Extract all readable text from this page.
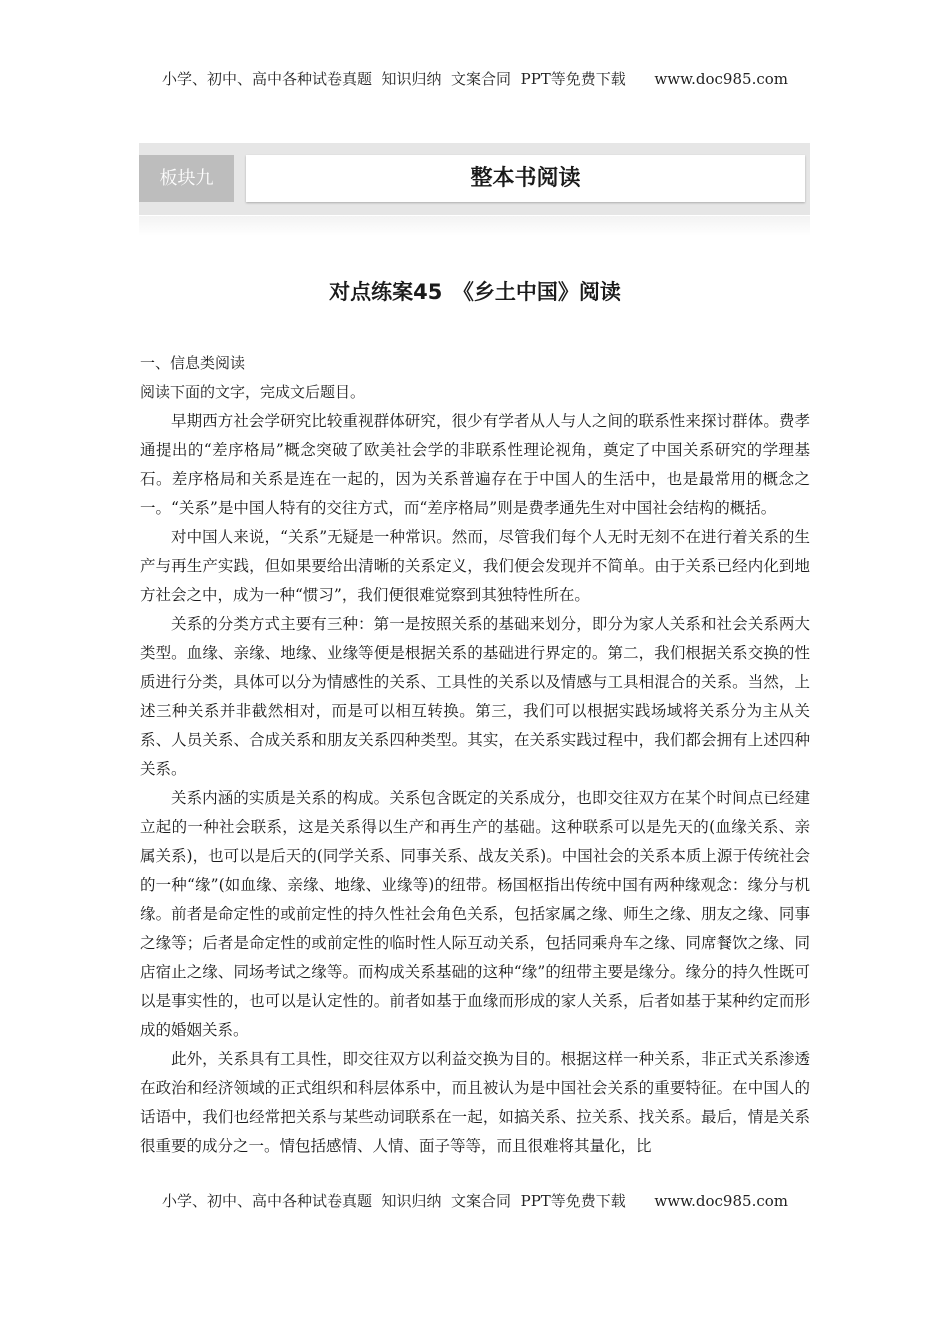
小学、初中、高中各种试卷真题  知识归纳  文案合同  PPT等免费下载      www.doc985.com
板块九	整本书阅读
对点练案45　《乡土中国》阅读
一、信息类阅读
阅读下面的文字，完成文后题目。

早期西方社会学研究比较重视群体研究，很少有学者从人与人之间的联系性来探讨群体。费孝通提出的“差序格局”概念突破了欧美社会学的非联系性理论视角，奠定了中国关系研究的学理基石。差序格局和关系是连在一起的，因为关系普遍存在于中国人的生活中，也是最常用的概念之一。“关系”是中国人特有的交往方式，而“差序格局”则是费孝通先生对中国社会结构的概括。

对中国人来说，“关系”无疑是一种常识。然而，尽管我们每个人无时无刻不在进行着关系的生产与再生产实践，但如果要给出清晰的关系定义，我们便会发现并不简单。由于关系已经内化到地方社会之中，成为一种“惯习”，我们便很难觉察到其独特性所在。

关系的分类方式主要有三种：第一是按照关系的基础来划分，即分为家人关系和社会关系两大类型。血缘、亲缘、地缘、业缘等便是根据关系的基础进行界定的。第二，我们根据关系交换的性质进行分类，具体可以分为情感性的关系、工具性的关系以及情感与工具相混合的关系。当然，上述三种关系并非截然相对，而是可以相互转换。第三，我们可以根据实践场域将关系分为主从关系、人员关系、合成关系和朋友关系四种类型。其实，在关系实践过程中，我们都会拥有上述四种关系。

关系内涵的实质是关系的构成。关系包含既定的关系成分，也即交往双方在某个时间点已经建立起的一种社会联系，这是关系得以生产和再生产的基础。这种联系可以是先天的(血缘关系、亲属关系)，也可以是后天的(同学关系、同事关系、战友关系)。中国社会的关系本质上源于传统社会的一种“缘”(如血缘、亲缘、地缘、业缘等)的纽带。杨国枢指出传统中国有两种缘观念：缘分与机缘。前者是命定性的或前定性的持久性社会角色关系，包括家属之缘、师生之缘、朋友之缘、同事之缘等；后者是命定性的或前定性的临时性人际互动关系，包括同乘舟车之缘、同席餐饮之缘、同店宿止之缘、同场考试之缘等。而构成关系基础的这种“缘”的纽带主要是缘分。缘分的持久性既可以是事实性的，也可以是认定性的。前者如基于血缘而形成的家人关系，后者如基于某种约定而形成的婚姻关系。

此外，关系具有工具性，即交往双方以利益交换为目的。根据这样一种关系，非正式关系渗透在政治和经济领域的正式组织和科层体系中，而且被认为是中国社会关系的重要特征。在中国人的话语中，我们也经常把关系与某些动词联系在一起，如搞关系、拉关系、找关系。最后，情是关系很重要的成分之一。情包括感情、人情、面子等等，而且很难将其量化，比

小学、初中、高中各种试卷真题  知识归纳  文案合同  PPT等免费下载      www.doc985.com
